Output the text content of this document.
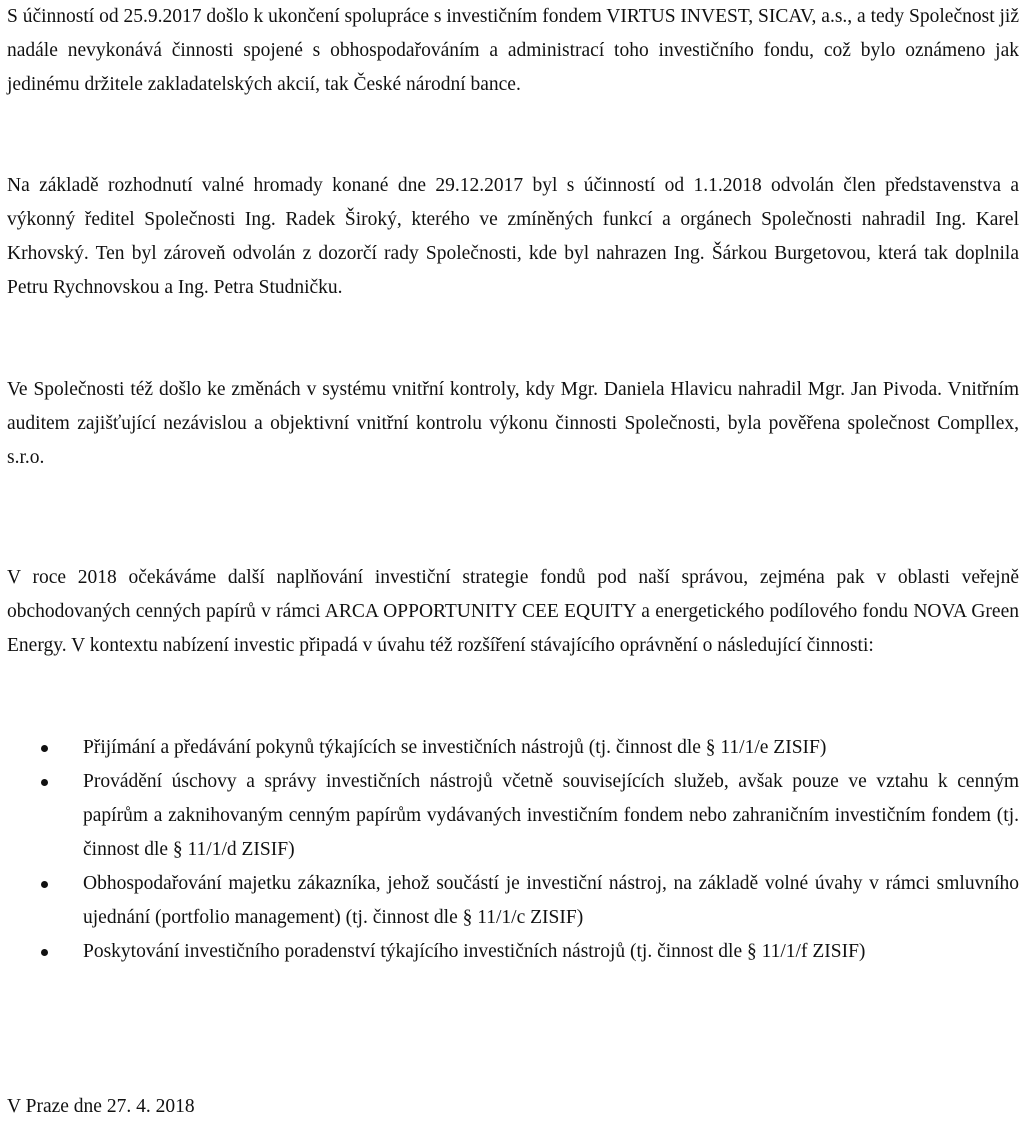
S účinností od 25.9.2017 došlo k ukončení spolupráce s investičním fondem VIRTUS INVEST, SICAV, a.s., a tedy Společnost již nadále nevykonává činnosti spojené s obhospodařováním a administrací toho investičního fondu, což bylo oznámeno jak jedinému držitele zakladatelských akcií, tak České národní bance.

Na základě rozhodnutí valné hromady konané dne 29.12.2017 byl s účinností od 1.1.2018 odvolán člen představenstva a výkonný ředitel Společnosti Ing. Radek Široký, kterého ve zmíněných funkcí a orgánech Společnosti nahradil Ing. Karel Krhovský. Ten byl zároveň odvolán z dozorčí rady Společnosti, kde byl nahrazen Ing. Šárkou Burgetovou, která tak doplnila Petru Rychnovskou a Ing. Petra Studničku.

Ve Společnosti též došlo ke změnách v systému vnitřní kontroly, kdy Mgr. Daniela Hlavicu nahradil Mgr. Jan Pivoda. Vnitřním auditem zajišťující nezávislou a objektivní vnitřní kontrolu výkonu činnosti Společnosti, byla pověřena společnost Compllex, s.r.o.

V roce 2018 očekáváme další naplňování investiční strategie fondů pod naší správou, zejména pak v oblasti veřejně obchodovaných cenných papírů v rámci ARCA OPPORTUNITY CEE EQUITY a energetického podílového fondu NOVA Green Energy. V kontextu nabízení investic připadá v úvahu též rozšíření stávajícího oprávnění o následující činnosti:

Přijímání a předávání pokynů týkajících se investičních nástrojů (tj. činnost dle § 11/1/e ZISIF)
Provádění úschovy a správy investičních nástrojů včetně souvisejících služeb, avšak pouze ve vztahu k cenným papírům a zaknihovaným cenným papírům vydávaných investičním fondem nebo zahraničním investičním fondem (tj. činnost dle § 11/1/d ZISIF)
Obhospodařování majetku zákazníka, jehož součástí je investiční nástroj, na základě volné úvahy v rámci smluvního ujednání (portfolio management) (tj. činnost dle § 11/1/c ZISIF)
Poskytování investičního poradenství týkajícího investičních nástrojů (tj. činnost dle § 11/1/f ZISIF)

V Praze dne 27. 4. 2018
